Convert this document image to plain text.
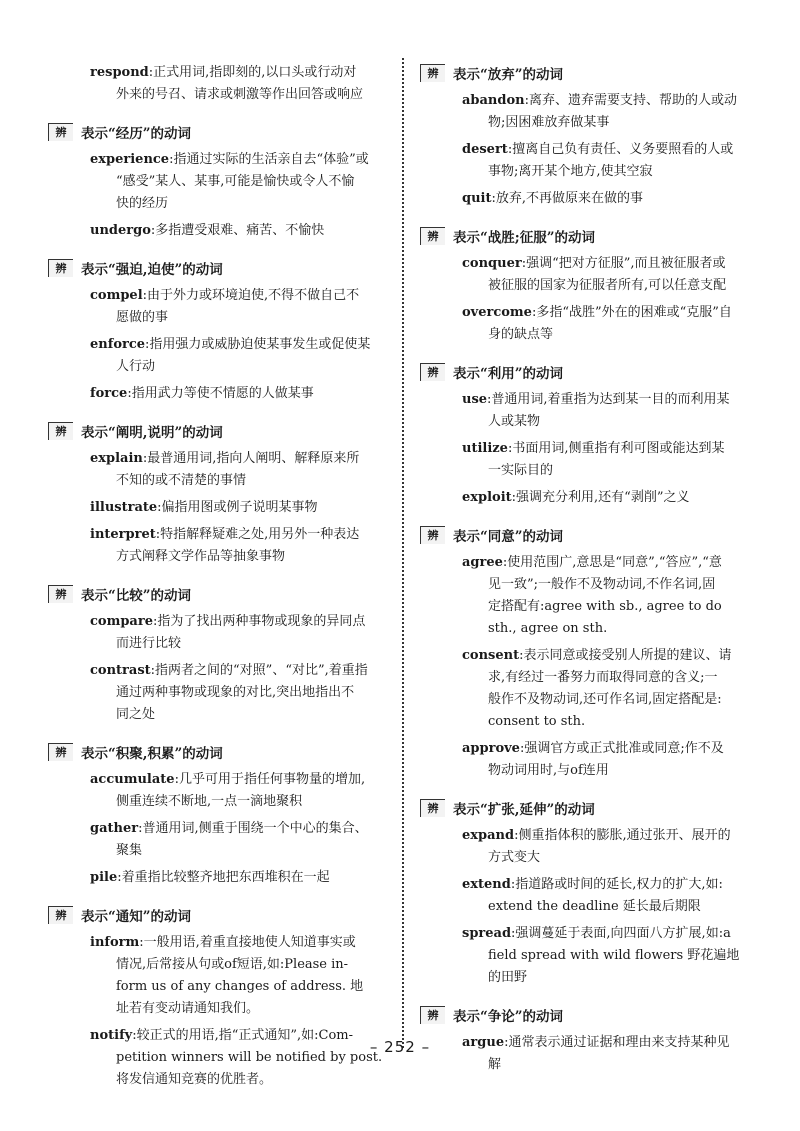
respond:正式用词,指即刻的,以口头或行动对
外来的号召、请求或刺激等作出回答或响应
辨	表示“经历”的动词
experience:指通过实际的生活亲自去“体验”或
“感受”某人、某事,可能是愉快或令人不愉
快的经历
undergo:多指遭受艰难、痛苦、不愉快
辨	表示“强迫,迫使”的动词
compel:由于外力或环境迫使,不得不做自己不
愿做的事
enforce:指用强力或威胁迫使某事发生或促使某
人行动
force:指用武力等使不情愿的人做某事
辨	表示“阐明,说明”的动词
explain:最普通用词,指向人阐明、解释原来所
不知的或不清楚的事情
illustrate:偏指用图或例子说明某事物
interpret:特指解释疑难之处,用另外一种表达
方式阐释文学作品等抽象事物
辨	表示“比较”的动词
compare:指为了找出两种事物或现象的异同点
而进行比较
contrast:指两者之间的“对照”、“对比”,着重指
通过两种事物或现象的对比,突出地指出不
同之处
辨	表示“积聚,积累”的动词
accumulate:几乎可用于指任何事物量的增加,
侧重连续不断地,一点一滴地聚积
gather:普通用词,侧重于围绕一个中心的集合、
聚集
pile:着重指比较整齐地把东西堆积在一起
辨	表示“通知”的动词
inform:一般用语,着重直接地使人知道事实或
情况,后常接从句或of短语,如:Please in-
form us of any changes of address. 地
址若有变动请通知我们。
notify:较正式的用语,指“正式通知”,如:Com-
petition winners will be notified by post.
将发信通知竞赛的优胜者。
辨	表示“放弃”的动词
abandon:离弃、遗弃需要支持、帮助的人或动
物;因困难放弃做某事
desert:擅离自己负有责任、义务要照看的人或
事物;离开某个地方,使其空寂
quit:放弃,不再做原来在做的事
辨	表示“战胜;征服”的动词
conquer:强调“把对方征服”,而且被征服者或
被征服的国家为征服者所有,可以任意支配
overcome:多指“战胜”外在的困难或“克服”自
身的缺点等
辨	表示“利用”的动词
use:普通用词,着重指为达到某一目的而利用某
人或某物
utilize:书面用词,侧重指有利可图或能达到某
一实际目的
exploit:强调充分利用,还有“剥削”之义
辨	表示“同意”的动词
agree:使用范围广,意思是“同意”,“答应”,“意
见一致”;一般作不及物动词,不作名词,固
定搭配有:agree with sb., agree to do
sth., agree on sth.
consent:表示同意或接受别人所提的建议、请
求,有经过一番努力而取得同意的含义;一
般作不及物动词,还可作名词,固定搭配是:
consent to sth.
approve:强调官方或正式批准或同意;作不及
物动词用时,与of连用
辨	表示“扩张,延伸”的动词
expand:侧重指体积的膨胀,通过张开、展开的
方式变大
extend:指道路或时间的延长,权力的扩大,如:
extend the deadline 延长最后期限
spread:强调蔓延于表面,向四面八方扩展,如:a
field spread with wild flowers 野花遍地
的田野
辨	表示“争论”的动词
argue:通常表示通过证据和理由来支持某种见
解
– 252 –
